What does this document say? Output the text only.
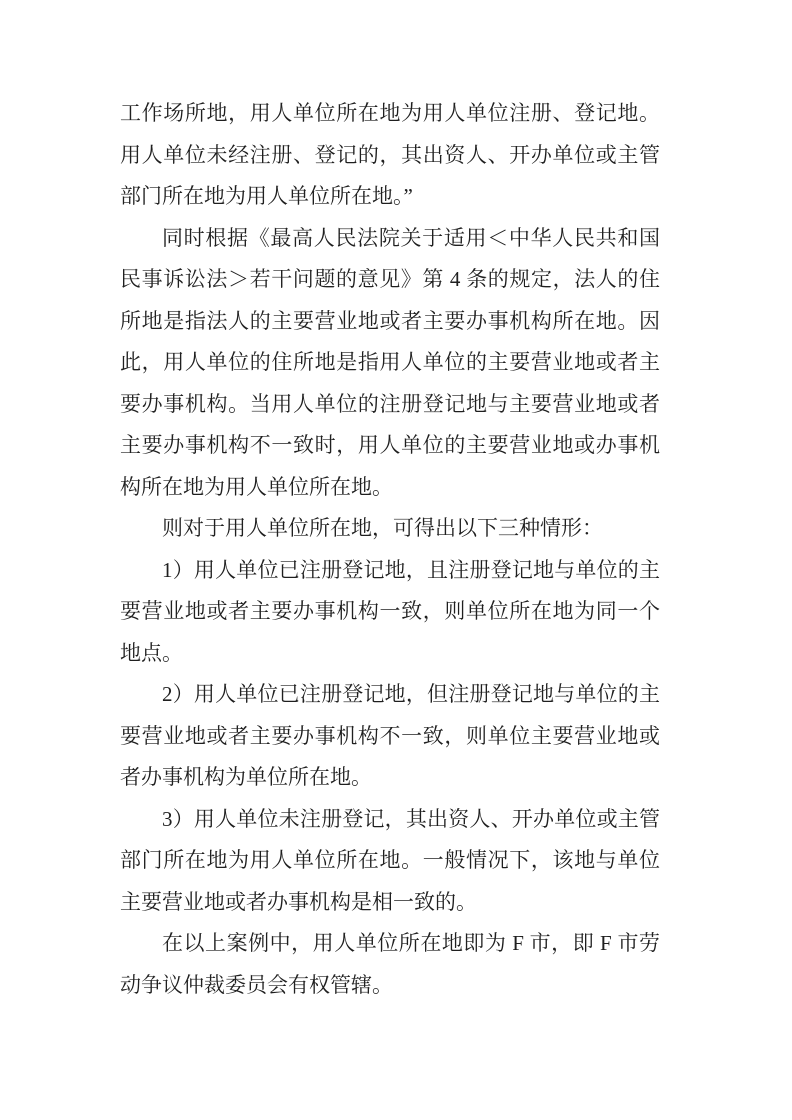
工作场所地，用人单位所在地为用人单位注册、登记地。
用人单位未经注册、登记的，其出资人、开办单位或主管
部门所在地为用人单位所在地。”
同时根据《最高人民法院关于适用＜中华人民共和国
民事诉讼法＞若干问题的意见》第 4 条的规定，法人的住
所地是指法人的主要营业地或者主要办事机构所在地。因
此，用人单位的住所地是指用人单位的主要营业地或者主
要办事机构。当用人单位的注册登记地与主要营业地或者
主要办事机构不一致时，用人单位的主要营业地或办事机
构所在地为用人单位所在地。
则对于用人单位所在地，可得出以下三种情形：
1）用人单位已注册登记地，且注册登记地与单位的主
要营业地或者主要办事机构一致，则单位所在地为同一个
地点。
2）用人单位已注册登记地，但注册登记地与单位的主
要营业地或者主要办事机构不一致，则单位主要营业地或
者办事机构为单位所在地。
3）用人单位未注册登记，其出资人、开办单位或主管
部门所在地为用人单位所在地。一般情况下，该地与单位
主要营业地或者办事机构是相一致的。
在以上案例中，用人单位所在地即为 F 市，即 F 市劳
动争议仲裁委员会有权管辖。
